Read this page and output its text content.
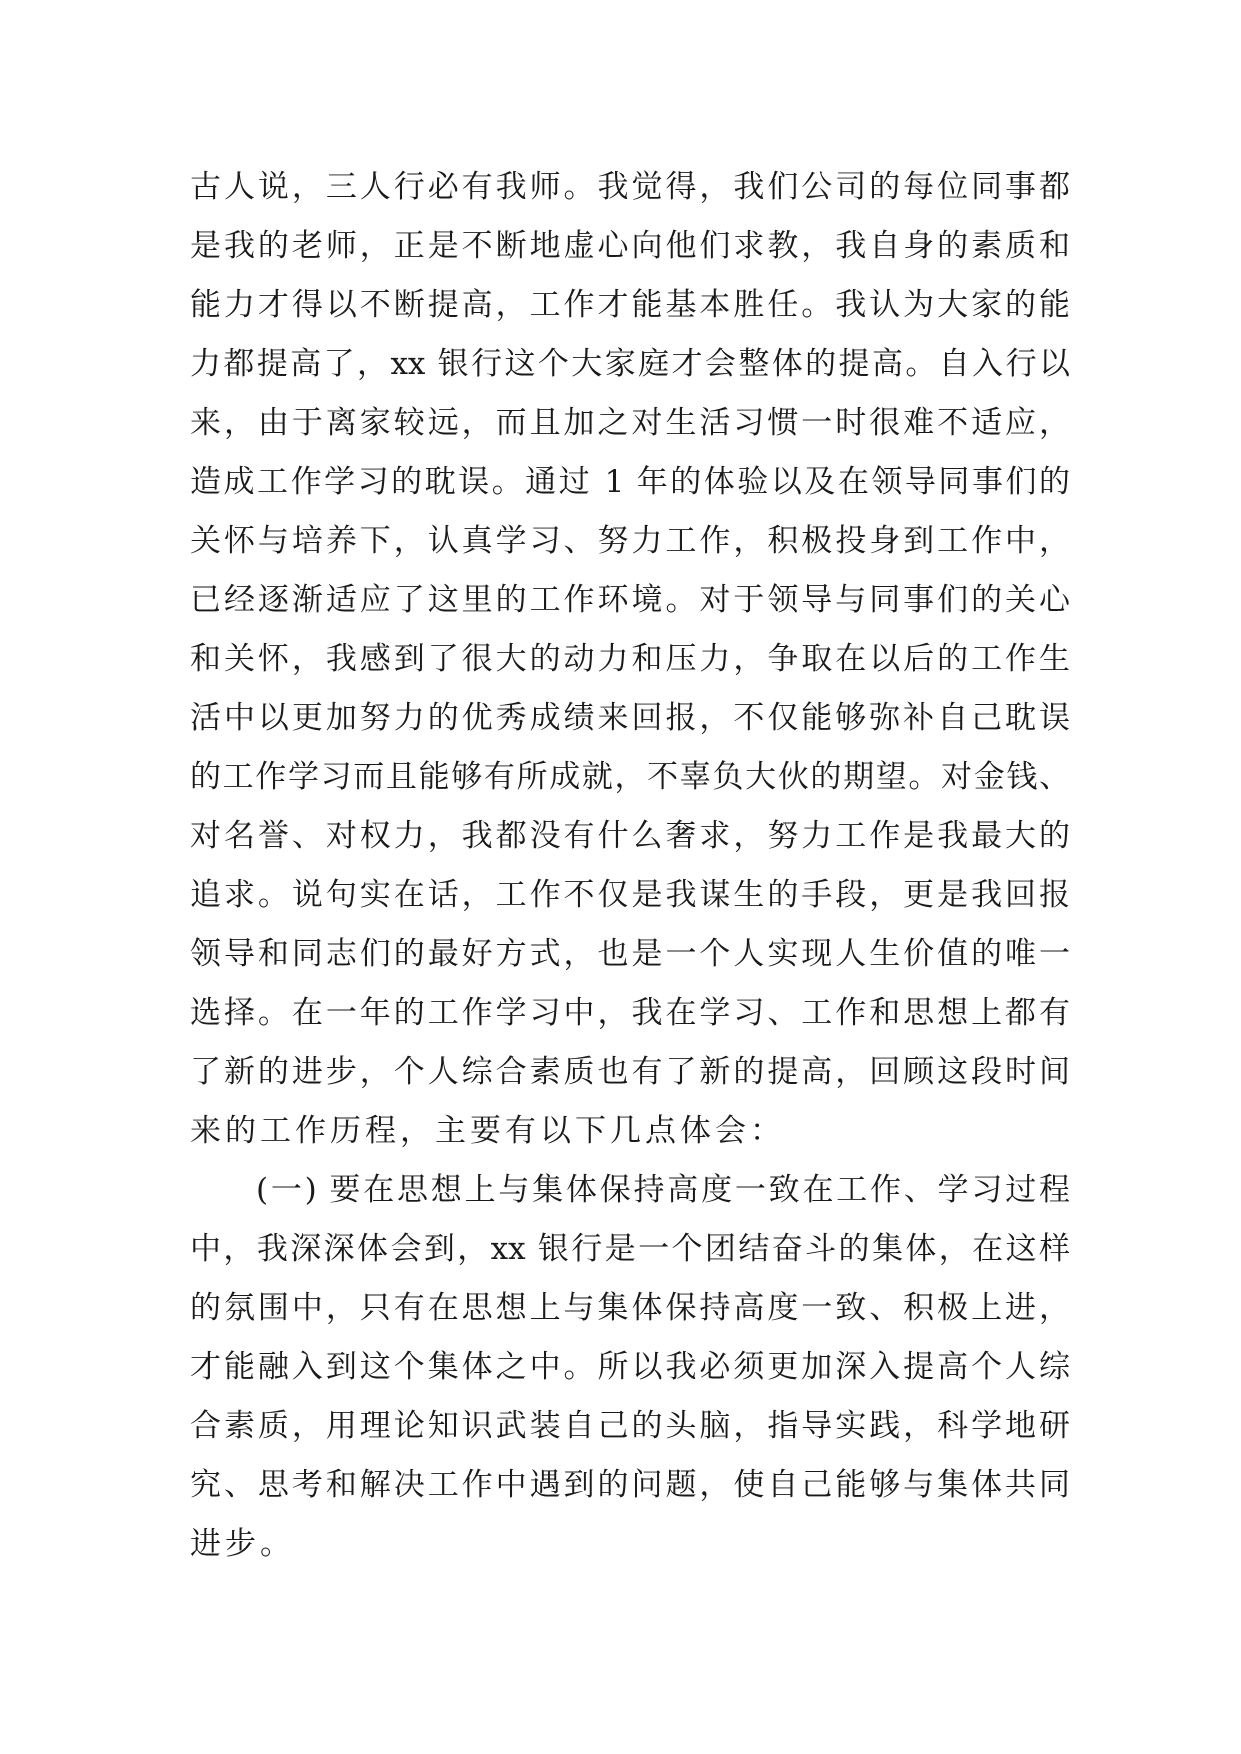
古人说，三人行必有我师。我觉得，我们公司的每位同事都
是我的老师，正是不断地虚心向他们求教，我自身的素质和
能力才得以不断提高，工作才能基本胜任。我认为大家的能
力都提高了，xx 银行这个大家庭才会整体的提高。自入行以
来，由于离家较远，而且加之对生活习惯一时很难不适应，
造成工作学习的耽误。通过 1 年的体验以及在领导同事们的
关怀与培养下，认真学习、努力工作，积极投身到工作中，
已经逐渐适应了这里的工作环境。对于领导与同事们的关心
和关怀，我感到了很大的动力和压力，争取在以后的工作生
活中以更加努力的优秀成绩来回报，不仅能够弥补自己耽误
的工作学习而且能够有所成就，不辜负大伙的期望。对金钱、
对名誉、对权力，我都没有什么奢求，努力工作是我最大的
追求。说句实在话，工作不仅是我谋生的手段，更是我回报
领导和同志们的最好方式，也是一个人实现人生价值的唯一
选择。在一年的工作学习中，我在学习、工作和思想上都有
了新的进步，个人综合素质也有了新的提高，回顾这段时间
来的工作历程，主要有以下几点体会：
(一) 要在思想上与集体保持高度一致在工作、学习过程
中，我深深体会到，xx 银行是一个团结奋斗的集体，在这样
的氛围中，只有在思想上与集体保持高度一致、积极上进，
才能融入到这个集体之中。所以我必须更加深入提高个人综
合素质，用理论知识武装自己的头脑，指导实践，科学地研
究、思考和解决工作中遇到的问题，使自己能够与集体共同
进步。
